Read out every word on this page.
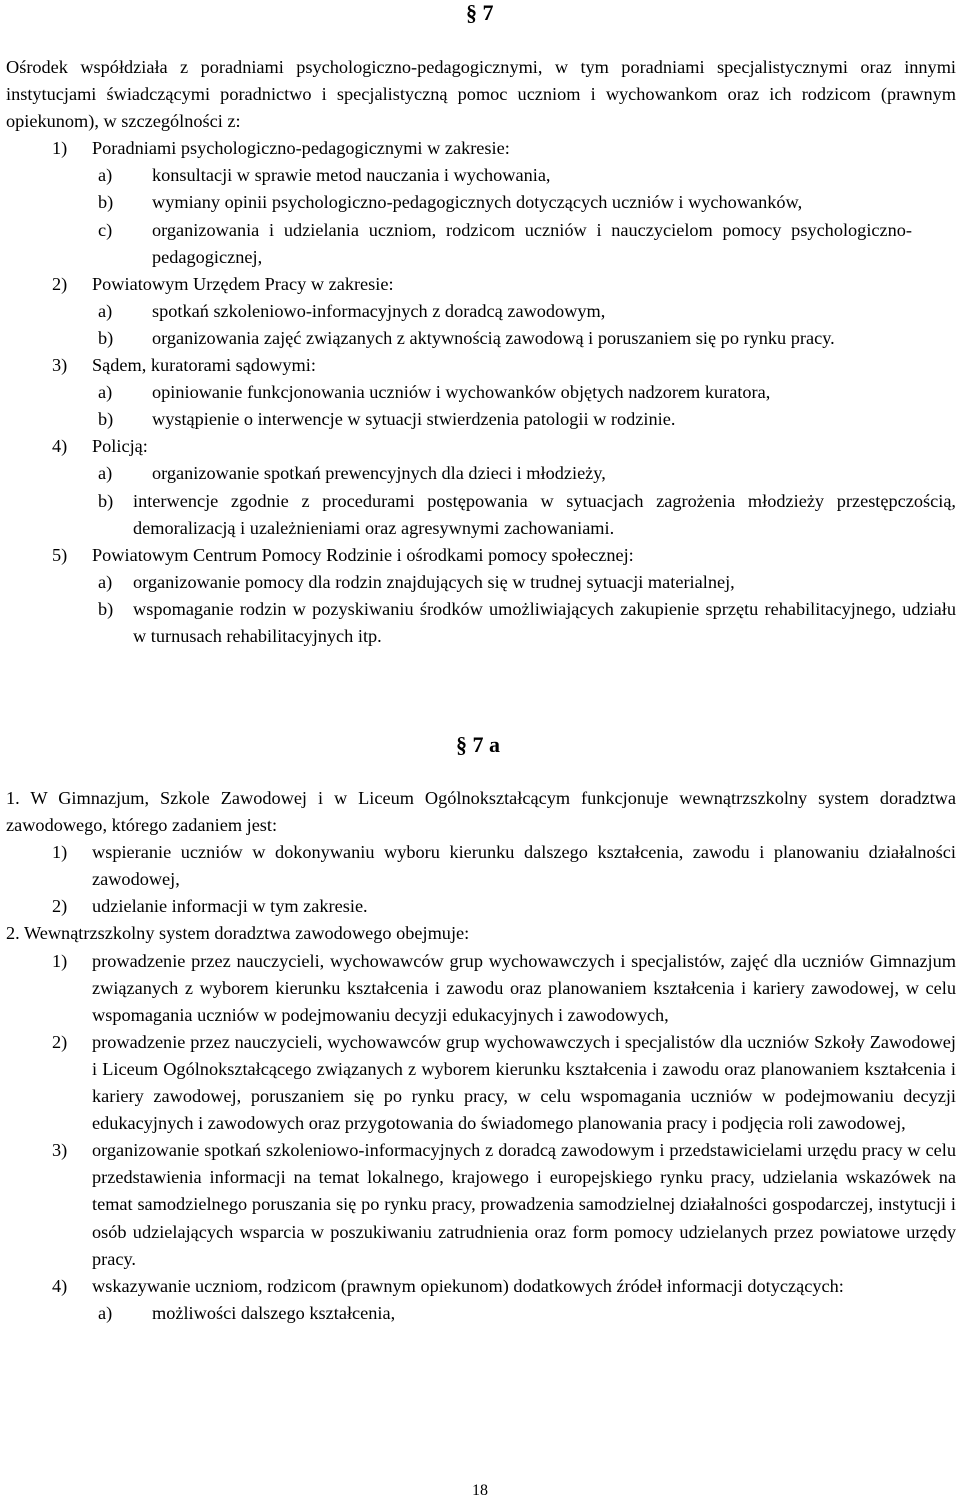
§ 7

Ośrodek współdziała z poradniami psychologiczno-pedagogicznymi, w tym poradniami specjalistycznymi oraz innymi instytucjami świadczącymi poradnictwo i specjalistyczną pomoc uczniom i wychowankom oraz ich rodzicom (prawnym opiekunom), w szczególności z:

1)	Poradniami psychologiczno-pedagogicznymi w zakresie:
a)	konsultacji w sprawie metod nauczania i wychowania,
b)	wymiany opinii psychologiczno-pedagogicznych dotyczących uczniów i wychowanków,
c)	organizowania i udzielania uczniom, rodzicom uczniów i nauczycielom pomocy psychologiczno-pedagogicznej,
2)	Powiatowym Urzędem Pracy w zakresie:
a)	spotkań szkoleniowo-informacyjnych z doradcą zawodowym,
b)	organizowania zajęć związanych z aktywnością zawodową i poruszaniem się po rynku pracy.
3)	Sądem, kuratorami sądowymi:
a)	opiniowanie funkcjonowania uczniów i wychowanków objętych nadzorem kuratora,
b)	wystąpienie o interwencje w sytuacji stwierdzenia patologii w rodzinie.
4)	Policją:
a)	organizowanie spotkań prewencyjnych dla dzieci i młodzieży,
b)	interwencje zgodnie z procedurami postępowania w sytuacjach zagrożenia młodzieży przestępczością, demoralizacją i uzależnieniami oraz agresywnymi zachowaniami.
5)	Powiatowym Centrum Pomocy Rodzinie i ośrodkami pomocy społecznej:
a)	organizowanie pomocy dla rodzin znajdujących się w trudnej sytuacji materialnej,
b)	wspomaganie rodzin w pozyskiwaniu środków umożliwiających zakupienie sprzętu rehabilitacyjnego, udziału w turnusach rehabilitacyjnych itp.
§ 7 a

1. W Gimnazjum, Szkole Zawodowej i w Liceum Ogólnokształcącym funkcjonuje wewnątrzszkolny system doradztwa zawodowego, którego zadaniem jest:

1)	wspieranie uczniów w dokonywaniu wyboru kierunku dalszego kształcenia, zawodu i planowaniu działalności zawodowej,
2)	udzielanie informacji w tym zakresie.

2. Wewnątrzszkolny system doradztwa zawodowego obejmuje:

1)	prowadzenie przez nauczycieli, wychowawców grup wychowawczych i specjalistów, zajęć dla uczniów Gimnazjum związanych z wyborem kierunku kształcenia i zawodu oraz planowaniem kształcenia i kariery zawodowej, w celu wspomagania uczniów w podejmowaniu decyzji edukacyjnych i zawodowych,
2)	prowadzenie przez nauczycieli, wychowawców grup wychowawczych i specjalistów dla uczniów Szkoły Zawodowej i Liceum Ogólnokształcącego związanych z wyborem kierunku kształcenia i zawodu oraz planowaniem kształcenia i kariery zawodowej, poruszaniem się po rynku pracy, w celu wspomagania uczniów w podejmowaniu decyzji edukacyjnych i zawodowych oraz przygotowania do świadomego planowania pracy i podjęcia roli zawodowej,
3)	organizowanie spotkań szkoleniowo-informacyjnych z doradcą zawodowym i przedstawicielami urzędu pracy w celu przedstawienia informacji na temat lokalnego, krajowego i europejskiego rynku pracy, udzielania wskazówek na temat samodzielnego poruszania się po rynku pracy, prowadzenia samodzielnej działalności gospodarczej, instytucji i osób udzielających wsparcia w poszukiwaniu zatrudnienia oraz form pomocy udzielanych przez powiatowe urzędy pracy.
4)	wskazywanie uczniom, rodzicom (prawnym opiekunom) dodatkowych źródeł informacji dotyczących:
a)	możliwości dalszego kształcenia,
18
